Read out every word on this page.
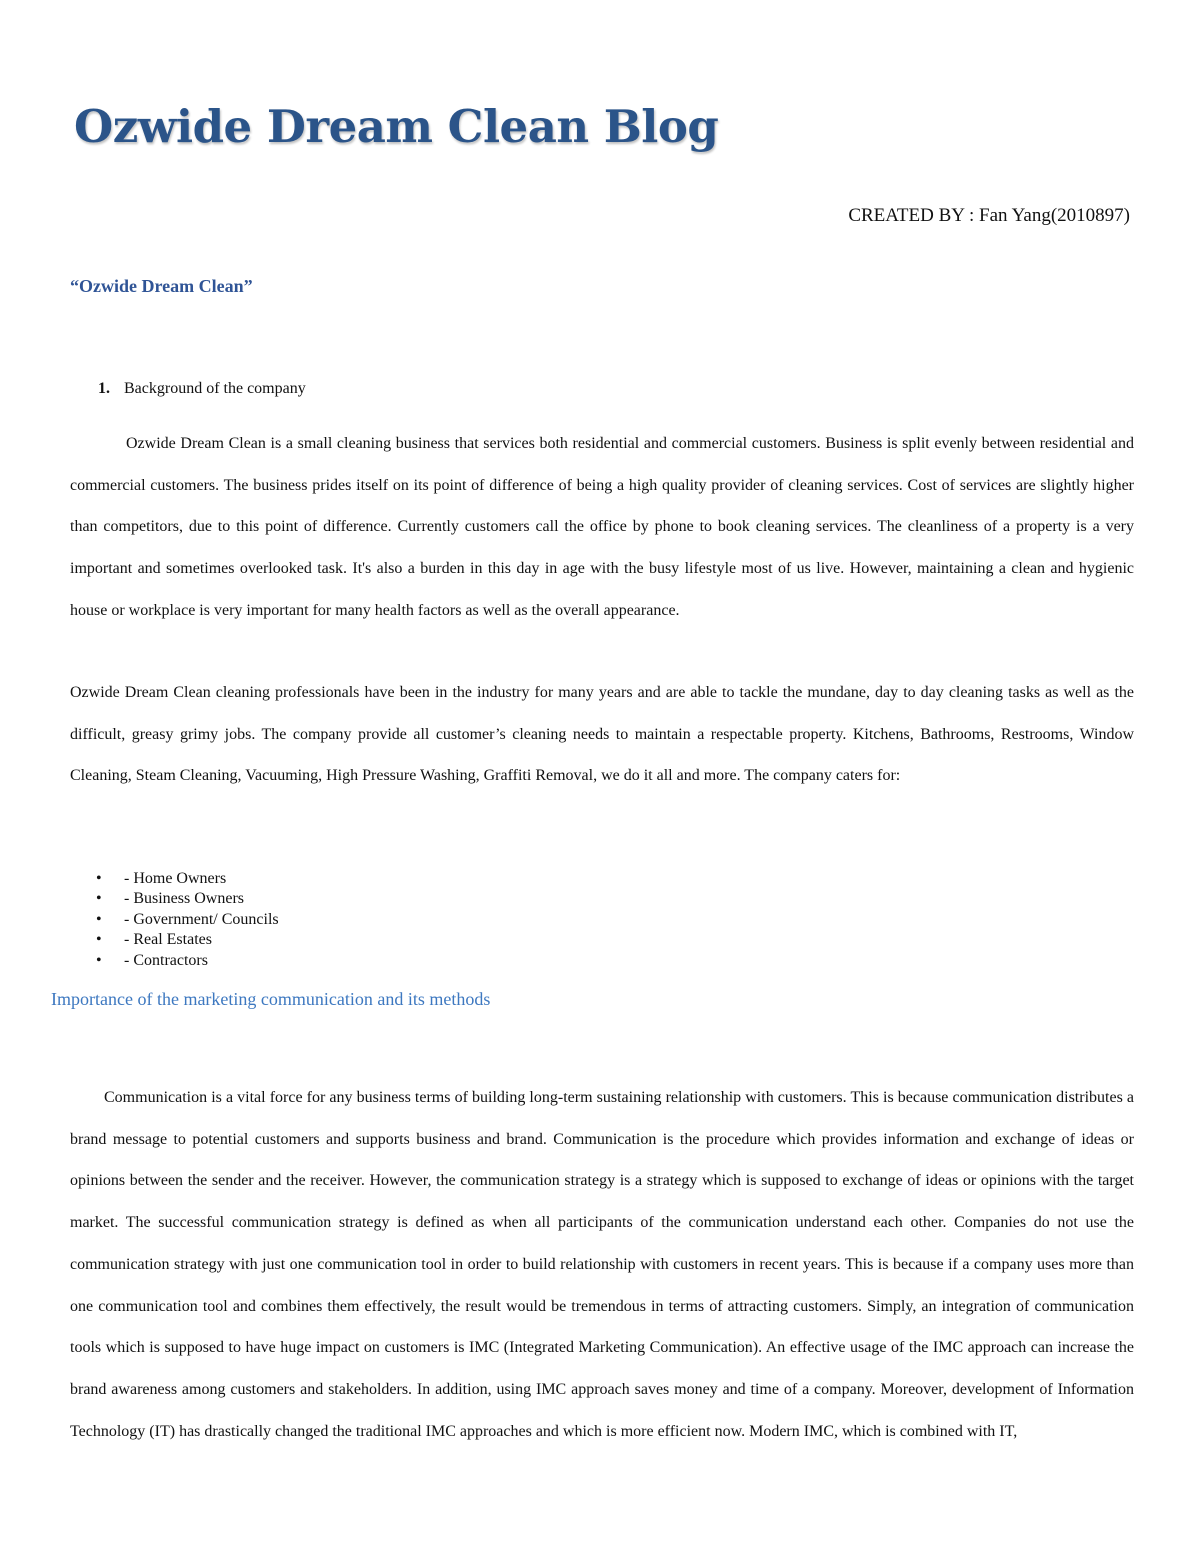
Ozwide Dream Clean Blog
CREATED BY : Fan Yang(2010897)
“Ozwide Dream Clean”
1. Background of the company

Ozwide Dream Clean is a small cleaning business that services both residential and commercial customers. Business is split evenly between residential and commercial customers. The business prides itself on its point of difference of being a high quality provider of cleaning services. Cost of services are slightly higher than competitors, due to this point of difference. Currently customers call the office by phone to book cleaning services. The cleanliness of a property is a very important and sometimes overlooked task. It's also a burden in this day in age with the busy lifestyle most of us live. However, maintaining a clean and hygienic house or workplace is very important for many health factors as well as the overall appearance.

Ozwide Dream Clean cleaning professionals have been in the industry for many years and are able to tackle the mundane, day to day cleaning tasks as well as the difficult, greasy grimy jobs. The company provide all customer’s cleaning needs to maintain a respectable property. Kitchens, Bathrooms, Restrooms, Window Cleaning, Steam Cleaning, Vacuuming, High Pressure Washing, Graffiti Removal, we do it all and more. The company caters for:

•	- Home Owners
•	- Business Owners
•	- Government/ Councils
•	- Real Estates
•	- Contractors
Importance of the marketing communication and its methods

Communication is a vital force for any business terms of building long-term sustaining relationship with customers. This is because communication distributes a brand message to potential customers and supports business and brand. Communication is the procedure which provides information and exchange of ideas or opinions between the sender and the receiver. However, the communication strategy is a strategy which is supposed to exchange of ideas or opinions with the target market. The successful communication strategy is defined as when all participants of the communication understand each other. Companies do not use the communication strategy with just one communication tool in order to build relationship with customers in recent years. This is because if a company uses more than one communication tool and combines them effectively, the result would be tremendous in terms of attracting customers. Simply, an integration of communication tools which is supposed to have huge impact on customers is IMC (Integrated Marketing Communication). An effective usage of the IMC approach can increase the brand awareness among customers and stakeholders. In addition, using IMC approach saves money and time of a company. Moreover, development of Information Technology (IT) has drastically changed the traditional IMC approaches and which is more efficient now. Modern IMC, which is combined with IT,
